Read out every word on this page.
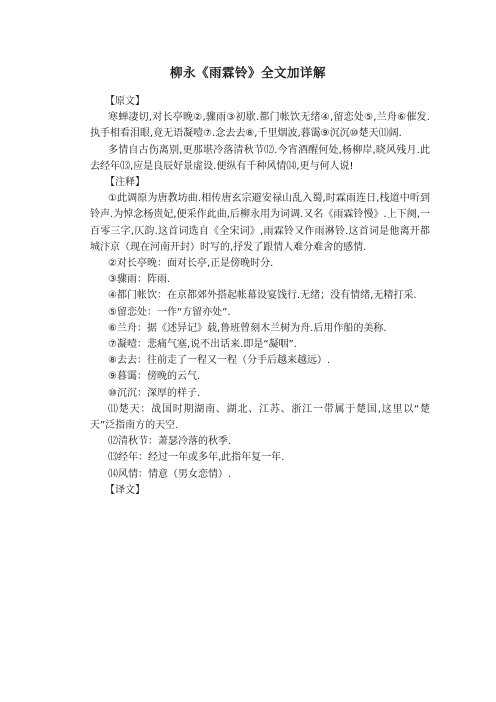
柳永《雨霖铃》全文加详解

【原文】

寒蝉凄切,对长亭晚②,骤雨③初歇.都门帐饮无绪④,留恋处⑤,兰舟⑥催发.执手相看泪眼,竟无语凝噎⑦.念去去⑧,千里烟波,暮霭⑨沉沉⑩楚天⑾阔.

多情自古伤离别,更那堪冷落清秋节⑿.今宵酒醒何处,杨柳岸,晓风残月.此去经年⒀,应是良辰好景虚设.便纵有千种风情⒁,更与何人说!

【注释】

①此调原为唐教坊曲.相传唐玄宗避安禄山乱入蜀,时霖雨连日,栈道中听到铃声.为悼念杨贵妃,便采作此曲,后柳永用为词调.又名《雨霖铃慢》.上下阕,一百零三字,仄韵.这首词选自《全宋词》,雨霖铃又作雨淋铃.这首词是他离开都城汴京（现在河南开封）时写的,抒发了跟情人难分难舍的感情.

②对长亭晚：面对长亭,正是傍晚时分.

③骤雨：阵雨.

④都门帐饮：在京都郊外搭起帐幕设宴饯行.无绪；没有情绪,无精打采.

⑤留恋处：一作“方留亦处”.

⑥兰舟：据《述异记》载,鲁班曾刻木兰树为舟.后用作船的美称.

⑦凝噎：悲痛气塞,说不出话来.即是“凝咽”.

⑧去去：往前走了一程又一程（分手后越来越远）.

⑨暮霭：傍晚的云气.

⑩沉沉：深厚的样子.

⑾楚天：战国时期湖南、湖北、江苏、浙江一带属于楚国,这里以“楚天”泛指南方的天空.

⑿清秋节：萧瑟冷落的秋季.

⒀经年：经过一年或多年,此指年复一年.

⒁风情：情意（男女恋情）.

【译文】
